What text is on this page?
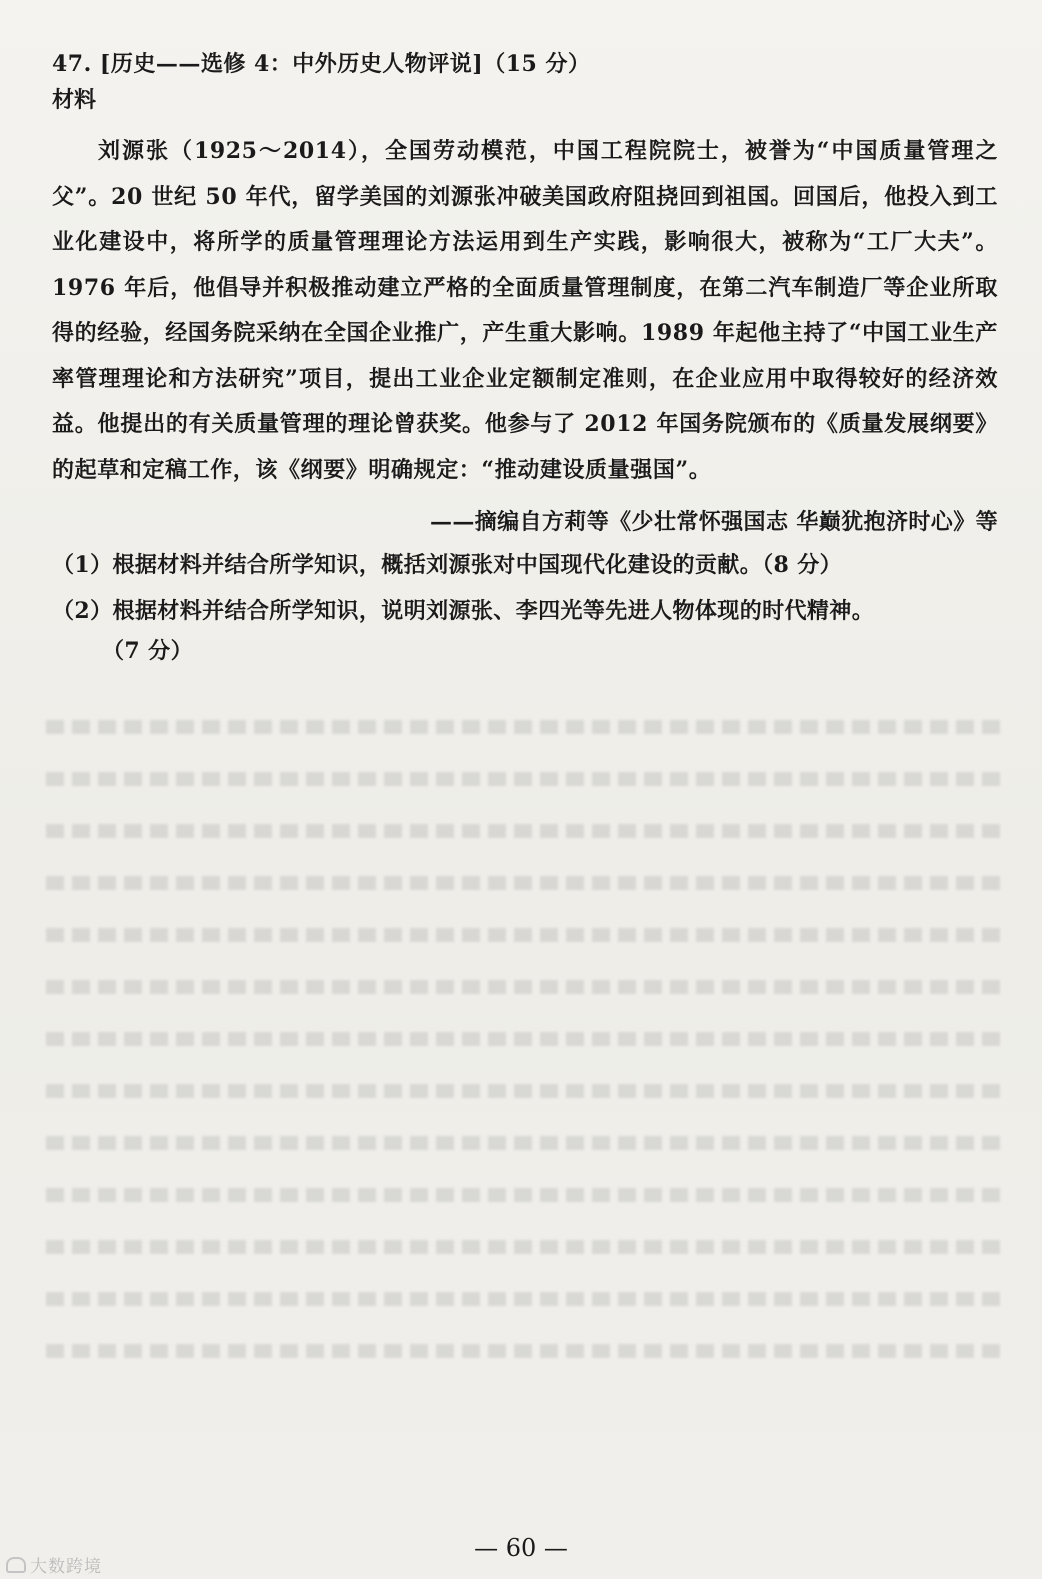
47. [历史——选修 4：中外历史人物评说]（15 分）

材料

刘源张（1925～2014），全国劳动模范，中国工程院院士，被誉为“中国质量管理之父”。20 世纪 50 年代，留学美国的刘源张冲破美国政府阻挠回到祖国。回国后，他投入到工业化建设中，将所学的质量管理理论方法运用到生产实践，影响很大，被称为“工厂大夫”。1976 年后，他倡导并积极推动建立严格的全面质量管理制度，在第二汽车制造厂等企业所取得的经验，经国务院采纳在全国企业推广，产生重大影响。1989 年起他主持了“中国工业生产率管理理论和方法研究”项目，提出工业企业定额制定准则，在企业应用中取得较好的经济效益。他提出的有关质量管理的理论曾获奖。他参与了 2012 年国务院颁布的《质量发展纲要》的起草和定稿工作，该《纲要》明确规定：“推动建设质量强国”。

——摘编自方莉等《少壮常怀强国志 华巅犹抱济时心》等

（1）根据材料并结合所学知识，概括刘源张对中国现代化建设的贡献。（8 分）

（2）根据材料并结合所学知识，说明刘源张、李四光等先进人物体现的时代精神。
（7 分）

— 60 —
大数跨境
